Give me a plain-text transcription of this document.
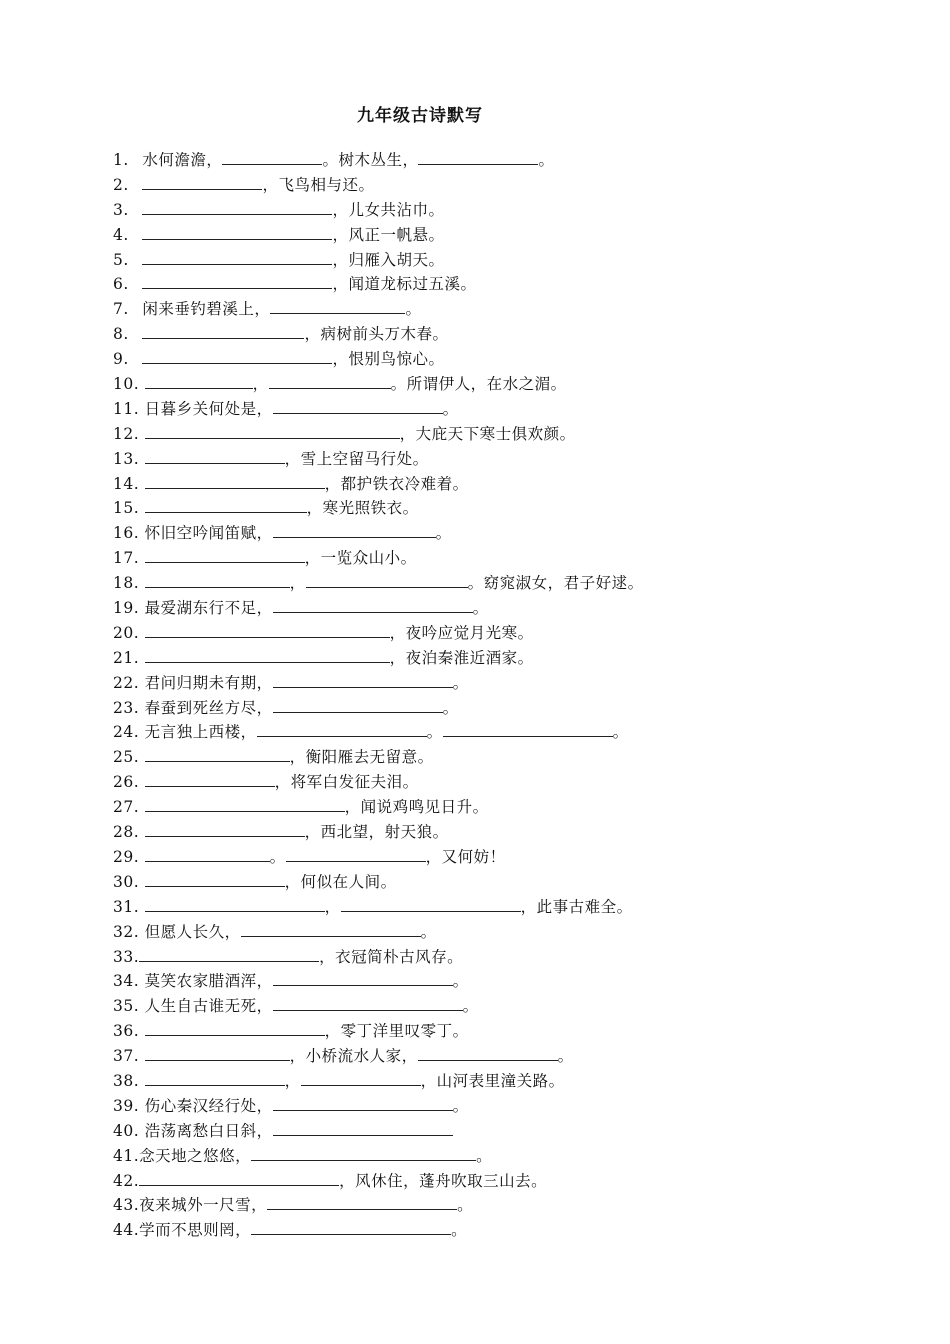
九年级古诗默写
1. 水何澹澹，	。树木丛生，	。
2.	，飞鸟相与还。
3.	，儿女共沾巾。
4.	，风正一帆悬。
5.	，归雁入胡天。
6.	，闻道龙标过五溪。
7. 闲来垂钓碧溪上，	。
8.	，病树前头万木春。
9.	，恨别鸟惊心。
10.	，	。所谓伊人，在水之湄。
11. 日暮乡关何处是，	。
12.	，大庇天下寒士俱欢颜。
13.	，雪上空留马行处。
14.	，都护铁衣冷难着。
15.	，寒光照铁衣。
16. 怀旧空吟闻笛赋，	。
17.	，一览众山小。
18.	，	。窈窕淑女，君子好逑。
19. 最爱湖东行不足，	。
20.	，夜吟应觉月光寒。
21.	，夜泊秦淮近酒家。
22. 君问归期未有期，	。
23. 春蚕到死丝方尽，	。
24. 无言独上西楼，	。	。
25.	，衡阳雁去无留意。
26.	，将军白发征夫泪。
27.	，闻说鸡鸣见日升。
28.	，西北望，射天狼。
29.	。	，又何妨！
30.	，何似在人间。
31.	，	，此事古难全。
32. 但愿人长久，	。
33.	，衣冠简朴古风存。
34. 莫笑农家腊酒浑，	。
35. 人生自古谁无死，	。
36.	，零丁洋里叹零丁。
37.	，小桥流水人家，	。
38.	，	，山河表里潼关路。
39. 伤心秦汉经行处，	。
40. 浩荡离愁白日斜，
41.念天地之悠悠，	。
42.	，风休住，蓬舟吹取三山去。
43.夜来城外一尺雪，	。
44.学而不思则罔，	。
